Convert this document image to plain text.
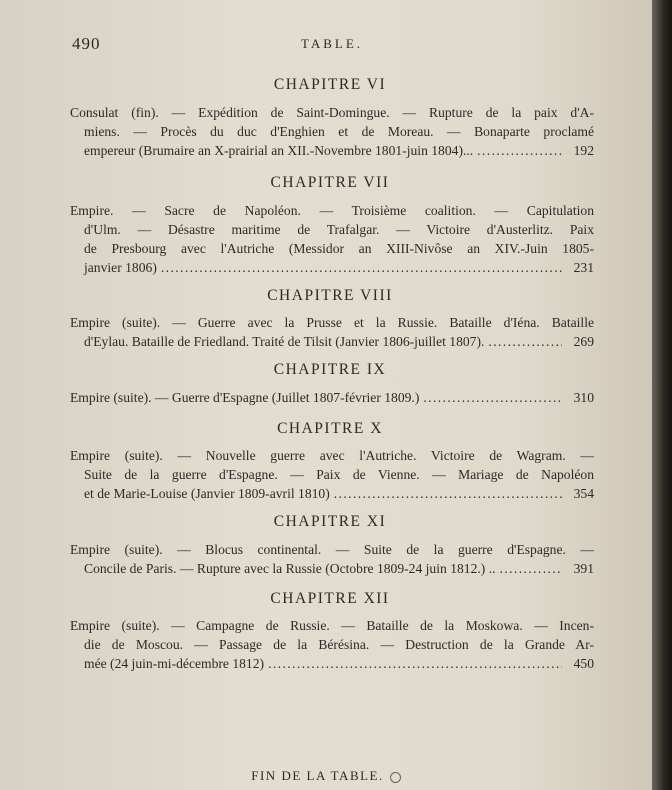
490	TABLE.
CHAPITRE VI
Consulat (fin). — Expédition de Saint-Domingue. — Rupture de la paix d'A-
miens. — Procès du duc d'Enghien et de Moreau. — Bonaparte proclamé
empereur (Brumaire an X-prairial an XII.-Novembre 1801-juin 1804)... . . .	192
CHAPITRE VII
Empire. — Sacre de Napoléon. — Troisième coalition. — Capitulation
d'Ulm. — Désastre maritime de Trafalgar. — Victoire d'Austerlitz. Paix
de Presbourg avec l'Autriche (Messidor an XIII-Nivôse an XIV.-Juin 1805-
janvier 1806) . . .	231
CHAPITRE VIII
Empire (suite). — Guerre avec la Prusse et la Russie. Bataille d'Iéna. Bataille
d'Eylau. Bataille de Friedland. Traité de Tilsit (Janvier 1806-juillet 1807). . . .	269
CHAPITRE IX
Empire (suite). — Guerre d'Espagne (Juillet 1807-février 1809.) . . .	310
CHAPITRE X
Empire (suite). — Nouvelle guerre avec l'Autriche. Victoire de Wagram. —
Suite de la guerre d'Espagne. — Paix de Vienne. — Mariage de Napoléon
et de Marie-Louise (Janvier 1809-avril 1810) . . .	354
CHAPITRE XI
Empire (suite). — Blocus continental. — Suite de la guerre d'Espagne. —
Concile de Paris. — Rupture avec la Russie (Octobre 1809-24 juin 1812.) .. . . .	391
CHAPITRE XII
Empire (suite). — Campagne de Russie. — Bataille de la Moskowa. — Incen-
die de Moscou. — Passage de la Bérésina. — Destruction de la Grande Ar-
mée (24 juin-mi-décembre 1812) . . .	450
FIN DE LA TABLE.
